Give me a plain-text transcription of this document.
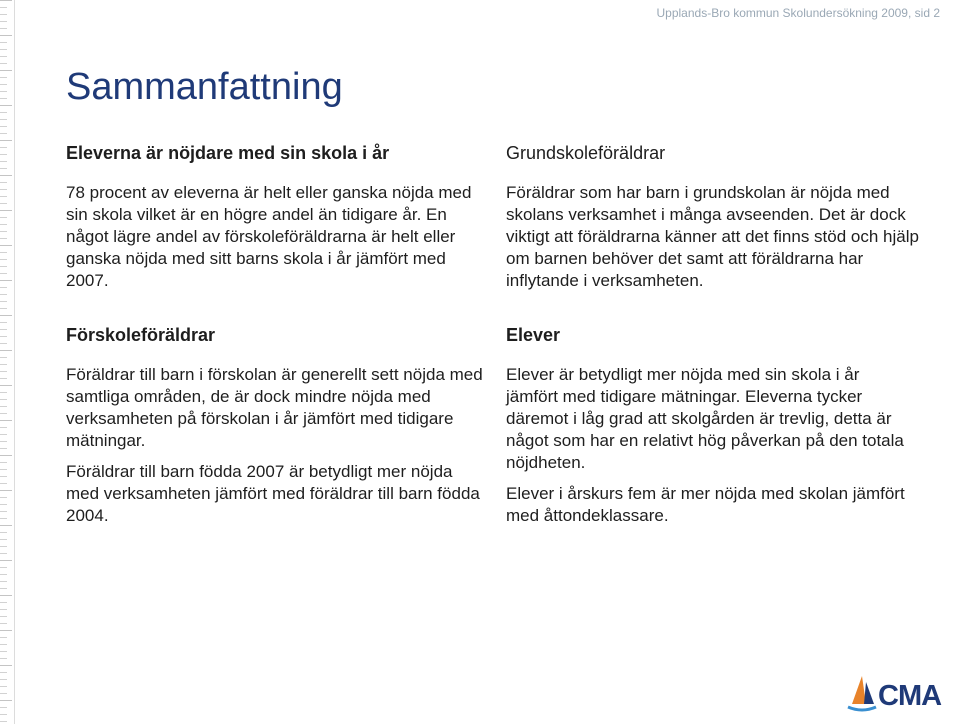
Upplands-Bro kommun Skolundersökning 2009, sid 2
Sammanfattning
Eleverna är nöjdare med sin skola i år

78 procent av eleverna är helt eller ganska nöjda med sin skola vilket är en högre andel än tidigare år. En något lägre andel av förskoleföräldrarna är helt eller ganska nöjda med sitt barns skola i år jämfört med 2007.

Grundskoleföräldrar

Föräldrar som har barn i grundskolan är nöjda med skolans verksamhet i många avseenden. Det är dock viktigt att föräldrarna känner att det finns stöd och hjälp om barnen behöver det samt att föräldrarna har inflytande i verksamheten.

Förskoleföräldrar

Föräldrar till barn i förskolan är generellt sett nöjda med samtliga områden, de är dock mindre nöjda med verksamheten på förskolan i år jämfört med tidigare mätningar.

Föräldrar till barn födda 2007 är betydligt mer nöjda med verksamheten jämfört med föräldrar till barn födda 2004.

Elever

Elever är betydligt mer nöjda med sin skola i år jämfört med tidigare mätningar. Eleverna tycker däremot i låg grad att skolgården är trevlig, detta är något som har en relativt hög påverkan på den totala nöjdheten.

Elever i årskurs fem är mer nöjda med skolan jämfört med åttondeklassare.

CMA
